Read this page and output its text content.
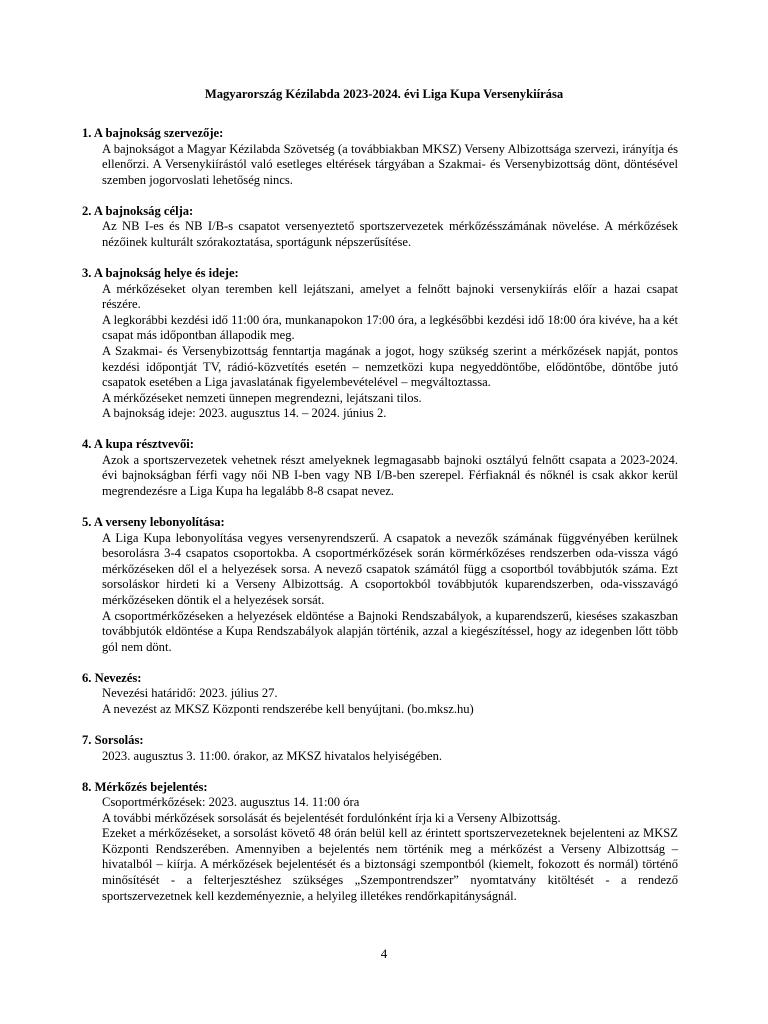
Magyarország Kézilabda 2023-2024. évi Liga Kupa Versenykiírása
1. A bajnokság szervezője:
A bajnokságot a Magyar Kézilabda Szövetség (a továbbiakban MKSZ) Verseny Albizottsága szervezi, irányítja és ellenőrzi. A Versenykiírástól való esetleges eltérések tárgyában a Szakmai- és Versenybizottság dönt, döntésével szemben jogorvoslati lehetőség nincs.
2. A bajnokság célja:
Az NB I-es és NB I/B-s csapatot versenyeztető sportszervezetek mérkőzésszámának növelése. A mérkőzések nézőinek kulturált szórakoztatása, sportágunk népszerűsítése.
3. A bajnokság helye és ideje:
A mérkőzéseket olyan teremben kell lejátszani, amelyet a felnőtt bajnoki versenykiírás előír a hazai csapat részére.
A legkorábbi kezdési idő 11:00 óra, munkanapokon 17:00 óra, a legkésőbbi kezdési idő 18:00 óra kivéve, ha a két csapat más időpontban állapodik meg.
A Szakmai- és Versenybizottság fenntartja magának a jogot, hogy szükség szerint a mérkőzések napját, pontos kezdési időpontját TV, rádió-közvetítés esetén – nemzetközi kupa negyeddöntőbe, elődöntőbe, döntőbe jutó csapatok esetében a Liga javaslatának figyelembevételével – megváltoztassa.
A mérkőzéseket nemzeti ünnepen megrendezni, lejátszani tilos.
A bajnokság ideje: 2023. augusztus 14. – 2024. június 2.
4. A kupa résztvevői:
Azok a sportszervezetek vehetnek részt amelyeknek legmagasabb bajnoki osztályú felnőtt csapata a 2023-2024. évi bajnokságban férfi vagy női NB I-ben vagy NB I/B-ben szerepel. Férfiaknál és nőknél is csak akkor kerül megrendezésre a Liga Kupa ha legalább 8-8 csapat nevez.
5. A verseny lebonyolítása:
A Liga Kupa lebonyolítása vegyes versenyrendszerű. A csapatok a nevezők számának függvényében kerülnek besorolásra 3-4 csapatos csoportokba. A csoportmérkőzések során körmérkőzéses rendszerben oda-vissza vágó mérkőzéseken dől el a helyezések sorsa. A nevező csapatok számától függ a csoportból továbbjutók száma. Ezt sorsoláskor hirdeti ki a Verseny Albizottság. A csoportokból továbbjutók kuparendszerben, oda-visszavágó mérkőzéseken döntik el a helyezések sorsát.
A csoportmérkőzéseken a helyezések eldöntése a Bajnoki Rendszabályok, a kuparendszerű, kieséses szakaszban továbbjutók eldöntése a Kupa Rendszabályok alapján történik, azzal a kiegészítéssel, hogy az idegenben lőtt több gól nem dönt.
6. Nevezés:
Nevezési határidő: 2023. július 27.
A nevezést az MKSZ Központi rendszerébe kell benyújtani. (bo.mksz.hu)
7. Sorsolás:
2023. augusztus 3. 11:00. órakor, az MKSZ hivatalos helyiségében.
8. Mérkőzés bejelentés:
Csoportmérkőzések: 2023. augusztus 14. 11:00 óra
A további mérkőzések sorsolását és bejelentését fordulónként írja ki a Verseny Albizottság.
Ezeket a mérkőzéseket, a sorsolást követő 48 órán belül kell az érintett sportszervezeteknek bejelenteni az MKSZ Központi Rendszerében. Amennyiben a bejelentés nem történik meg a mérkőzést a Verseny Albizottság – hivatalból – kiírja. A mérkőzések bejelentését és a biztonsági szempontból (kiemelt, fokozott és normál) történő minősítését - a felterjesztéshez szükséges „Szempontrendszer” nyomtatvány kitöltését - a rendező sportszervezetnek kell kezdeményeznie, a helyileg illetékes rendőrkapitányságnál.
4
